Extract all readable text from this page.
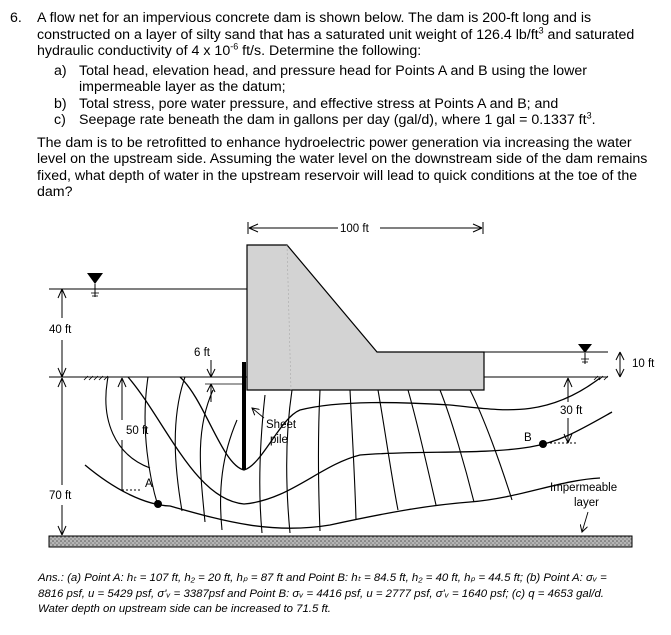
6. A flow net for an impervious concrete dam is shown below. The dam is 200-ft long and is constructed on a layer of silty sand that has a saturated unit weight of 126.4 $lb/ft^3$ and saturated hydraulic conductivity of 4 x $10^{-6}$ ft/s. Determine the following:
a) Total head, elevation head, and pressure head for Points A and B using the lower impermeable layer as the datum;
b) Total stress, pore water pressure, and effective stress at Points A and B; and
c) Seepage rate beneath the dam in gallons per day (gal/d), where 1 gal = 0.1337 $ft^3$.
The dam is to be retrofitted to enhance hydroelectric power generation via increasing the water level on the upstream side. Assuming the water level on the downstream side of the dam remains fixed, what depth of water in the upstream reservoir will lead to quick conditions at the toe of the dam?
100 ft
40 ft
70 ft
50 ft
6 ft
10 ft
30 ft
A
B
Sheet
pile
Impermeable
layer
Ans.: (a) Point A: hₜ = 107 ft, h₂ = 20 ft, hₚ = 87 ft and Point B: hₜ = 84.5 ft, h₂ = 40 ft, hₚ = 44.5 ft; (b) Point A: σᵥ = 8816 psf, u = 5429 psf, σ'ᵥ = 3387psf and Point B: σᵥ = 4416 psf, u = 2777 psf, σ'ᵥ = 1640 psf; (c) q = 4653 gal/d. Water depth on upstream side can be increased to 71.5 ft.
